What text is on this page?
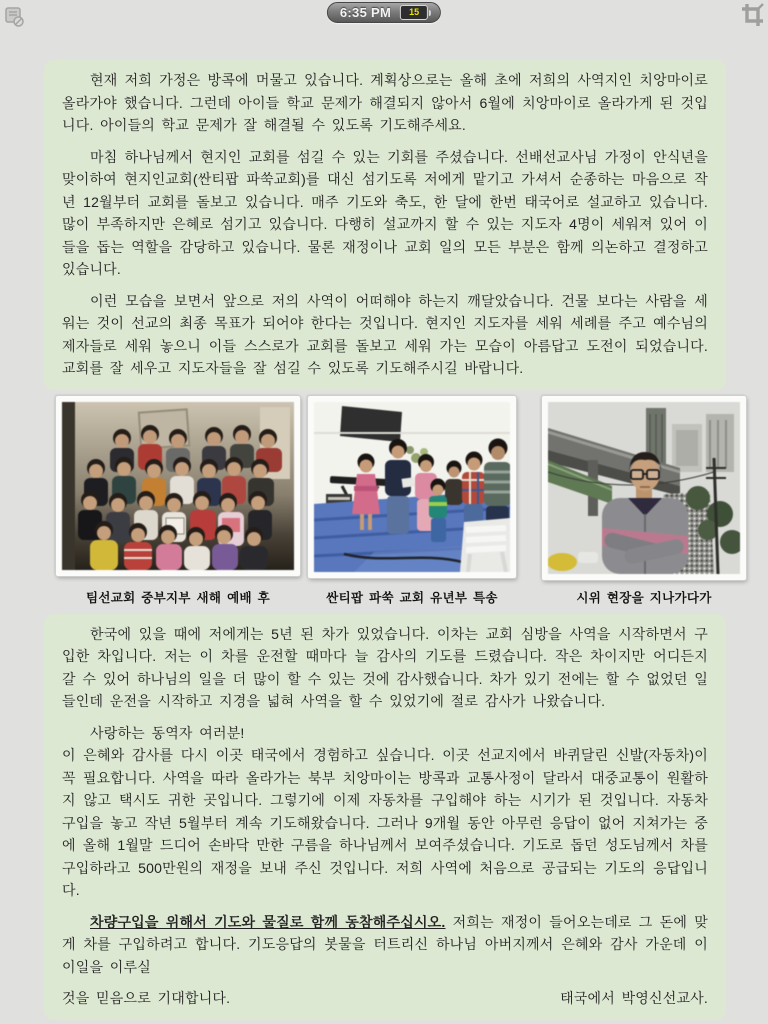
6:35 PM 15

현재 저희 가정은 방콕에 머물고 있습니다. 계획상으로는 올해 초에 저희의 사역지인 치앙마이로 올라가야 했습니다. 그런데 아이들 학교 문제가 해결되지 않아서 6월에 치앙마이로 올라가게 된 것입니다. 아이들의 학교 문제가 잘 해결될 수 있도록 기도해주세요.

마침 하나님께서 현지인 교회를 섬길 수 있는 기회를 주셨습니다. 선배선교사님 가정이 안식년을 맞이하여 현지인교회(싼티팝 파쑥교회)를 대신 섬기도록 저에게 맡기고 가셔서 순종하는 마음으로 작년 12월부터 교회를 돌보고 있습니다. 매주 기도와 축도, 한 달에 한번 태국어로 설교하고 있습니다. 많이 부족하지만 은혜로 섬기고 있습니다. 다행히 설교까지 할 수 있는 지도자 4명이 세워져 있어 이들을 돕는 역할을 감당하고 있습니다. 물론 재정이나 교회 일의 모든 부분은 함께 의논하고 결정하고 있습니다.

이런 모습을 보면서 앞으로 저의 사역이 어떠해야 하는지 깨달았습니다. 건물 보다는 사람을 세워는 것이 선교의 최종 목표가 되어야 한다는 것입니다. 현지인 지도자를 세워 세례를 주고 예수님의 제자들로 세워 놓으니 이들 스스로가 교회를 돌보고 세워 가는 모습이 아름답고 도전이 되었습니다. 교회를 잘 세우고 지도자들을 잘 섬길 수 있도록 기도해주시길 바랍니다.

팀선교회 중부지부 새해 예배 후	싼티팝 파쑥 교회 유년부 특송	시위 현장을 지나가다가

한국에 있을 때에 저에게는 5년 된 차가 있었습니다. 이차는 교회 심방을 사역을 시작하면서 구입한 차입니다. 저는 이 차를 운전할 때마다 늘 감사의 기도를 드렸습니다. 작은 차이지만 어디든지 갈 수 있어 하나님의 일을 더 많이 할 수 있는 것에 감사했습니다. 차가 있기 전에는 할 수 없었던 일들인데 운전을 시작하고 지경을 넓혀 사역을 할 수 있었기에 절로 감사가 나왔습니다.

사랑하는 동역자 여러분!
이 은혜와 감사를 다시 이곳 태국에서 경험하고 싶습니다. 이곳 선교지에서 바퀴달린 신발(자동차)이 꼭 필요합니다. 사역을 따라 올라가는 북부 치앙마이는 방콕과 교통사정이 달라서 대중교통이 원활하지 않고 택시도 귀한 곳입니다. 그렇기에 이제 자동차를 구입해야 하는 시기가 된 것입니다. 자동차 구입을 놓고 작년 5월부터 계속 기도해왔습니다. 그러나 9개월 동안 아무런 응답이 없어 지쳐가는 중에 올해 1월말 드디어 손바닥 만한 구름을 하나님께서 보여주셨습니다. 기도로 돕던 성도님께서 차를 구입하라고 500만원의 재정을 보내 주신 것입니다. 저희 사역에 처음으로 공급되는 기도의 응답입니다.

차량구입을 위해서 기도와 물질로 함께 동참해주십시오. 저희는 재정이 들어오는데로 그 돈에 맞게 차를 구입하려고 합니다. 기도응답의 봇물을 터트리신 하나님 아버지께서 은혜와 감사 가운데 이 이일을 이루실

것을 믿음으로 기대합니다.	태국에서 박영신선교사.
